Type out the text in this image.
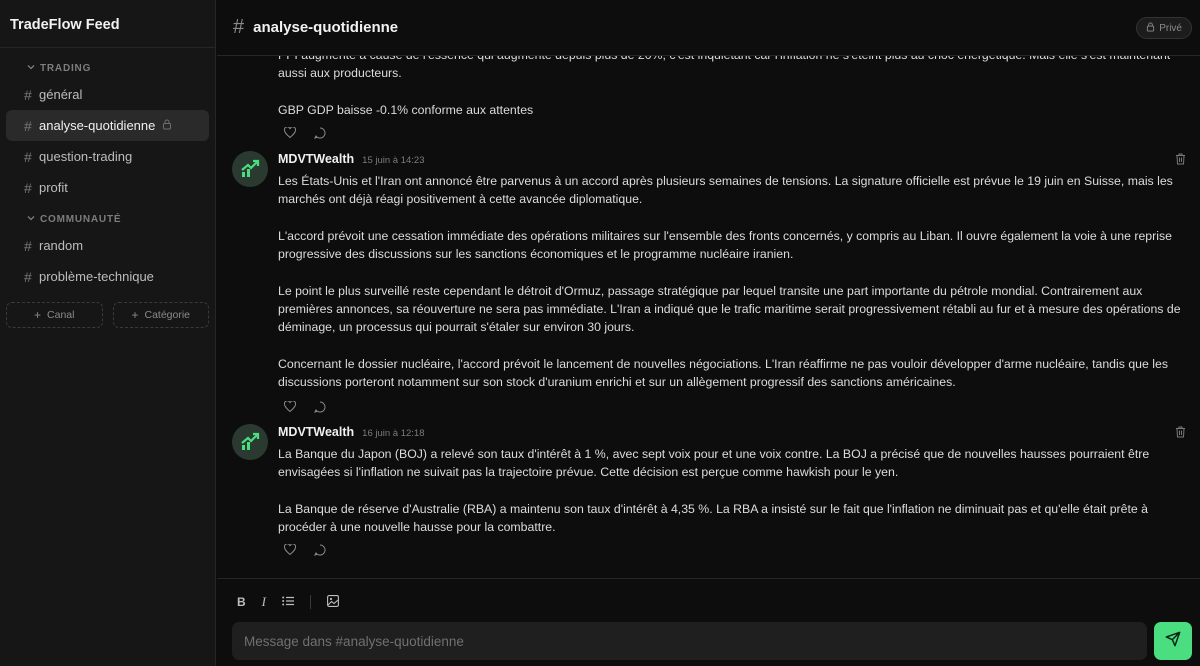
TradeFlow Feed
TRADING
# général
# analyse-quotidienne
# question-trading
# profit
COMMUNAUTÉ
# random
# problème-technique
+ Canal	+ Catégorie

aussi aux producteurs.

GBP GDP baisse -0.1% conforme aux attentes

MDVTWealth 15 juin à 14:23

Les États-Unis et l'Iran ont annoncé être parvenus à un accord après plusieurs semaines de tensions. La signature officielle est prévue le 19 juin en Suisse, mais les marchés ont déjà réagi positivement à cette avancée diplomatique.

L'accord prévoit une cessation immédiate des opérations militaires sur l'ensemble des fronts concernés, y compris au Liban. Il ouvre également la voie à une reprise progressive des discussions sur les sanctions économiques et le programme nucléaire iranien.

Le point le plus surveillé reste cependant le détroit d'Ormuz, passage stratégique par lequel transite une part importante du pétrole mondial. Contrairement aux premières annonces, sa réouverture ne sera pas immédiate. L'Iran a indiqué que le trafic maritime serait progressivement rétabli au fur et à mesure des opérations de déminage, un processus qui pourrait s'étaler sur environ 30 jours.

Concernant le dossier nucléaire, l'accord prévoit le lancement de nouvelles négociations. L'Iran réaffirme ne pas vouloir développer d'arme nucléaire, tandis que les discussions porteront notamment sur son stock d'uranium enrichi et sur un allègement progressif des sanctions américaines.

MDVTWealth 16 juin à 12:18

La Banque du Japon (BOJ) a relevé son taux d'intérêt à 1 %, avec sept voix pour et une voix contre. La BOJ a précisé que de nouvelles hausses pourraient être envisagées si l'inflation ne suivait pas la trajectoire prévue. Cette décision est perçue comme hawkish pour le yen.

La Banque de réserve d'Australie (RBA) a maintenu son taux d'intérêt à 4,35 %. La RBA a insisté sur le fait que l'inflation ne diminuait pas et qu'elle était prête à procéder à une nouvelle hausse pour la combattre.

# analyse-quotidienne	Privé
B I
Message dans #analyse-quotidienne
